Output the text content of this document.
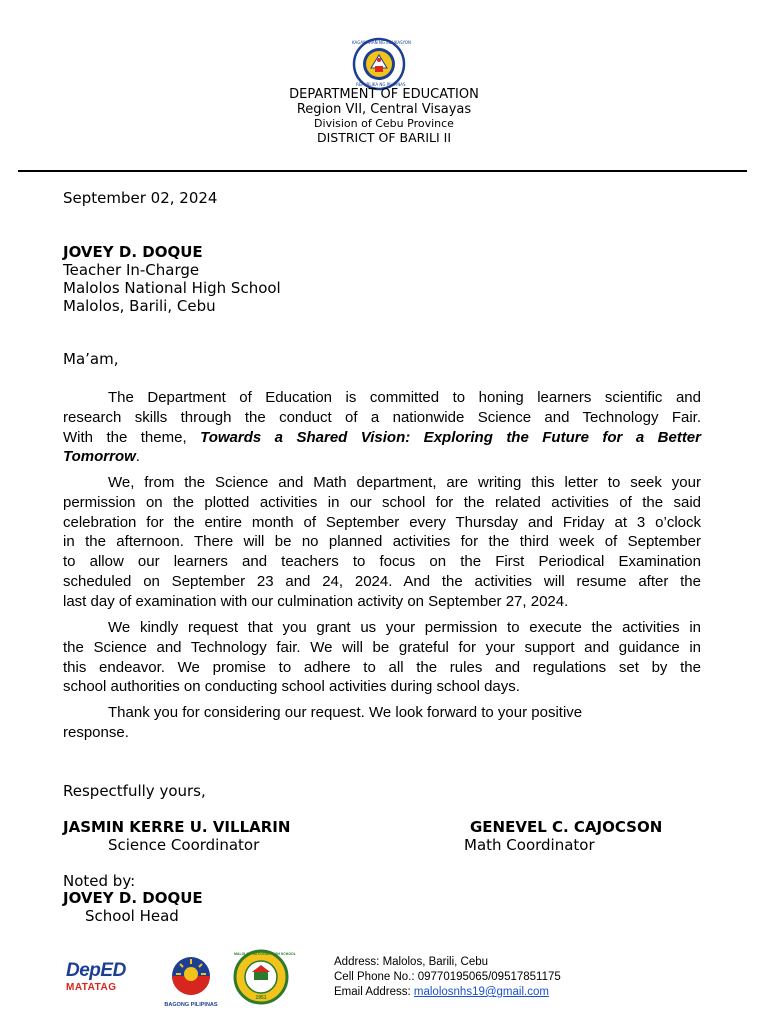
KAGAWARAN NG EDUKASYON
REPUBLIKA NG PILIPINAS
DEPARTMENT OF EDUCATION
Region VII, Central Visayas
Division of Cebu Province
DISTRICT OF BARILI II
September 02, 2024
JOVEY D. DOQUE
Teacher In-Charge
Malolos National High School
Malolos, Barili, Cebu
Ma’am,
The Department of Education is committed to honing learners scientific and
research skills through the conduct of a nationwide Science and Technology Fair.
With the theme, Towards a Shared Vision: Exploring the Future for a Better
Tomorrow.
We, from the Science and Math department, are writing this letter to seek your
permission on the plotted activities in our school for the related activities of the said
celebration for the entire month of September every Thursday and Friday at 3 o’clock
in the afternoon. There will be no planned activities for the third week of September
to allow our learners and teachers to focus on the First Periodical Examination
scheduled on September 23 and 24, 2024. And the activities will resume after the
last day of examination with our culmination activity on September 27, 2024.
We kindly request that you grant us your permission to execute the activities in
the Science and Technology fair. We will be grateful for your support and guidance in
this endeavor. We promise to adhere to all the rules and regulations set by the
school authorities on conducting school activities during school days.
Thank you for considering our request. We look forward to your positive
response.
Respectfully yours,
JASMIN KERRE U. VILLARIN
Science Coordinator
GENEVEL C. CAJOCSON
Math Coordinator
Noted by:
JOVEY D. DOQUE
School Head
DepED
MATATAG
BAGONG PILIPINAS
MALOLOS NATIONAL HIGH SCHOOL
1951
Address: Malolos, Barili, Cebu
Cell Phone No.: 09770195065/09517851175
Email Address: malolosnhs19@gmail.com
